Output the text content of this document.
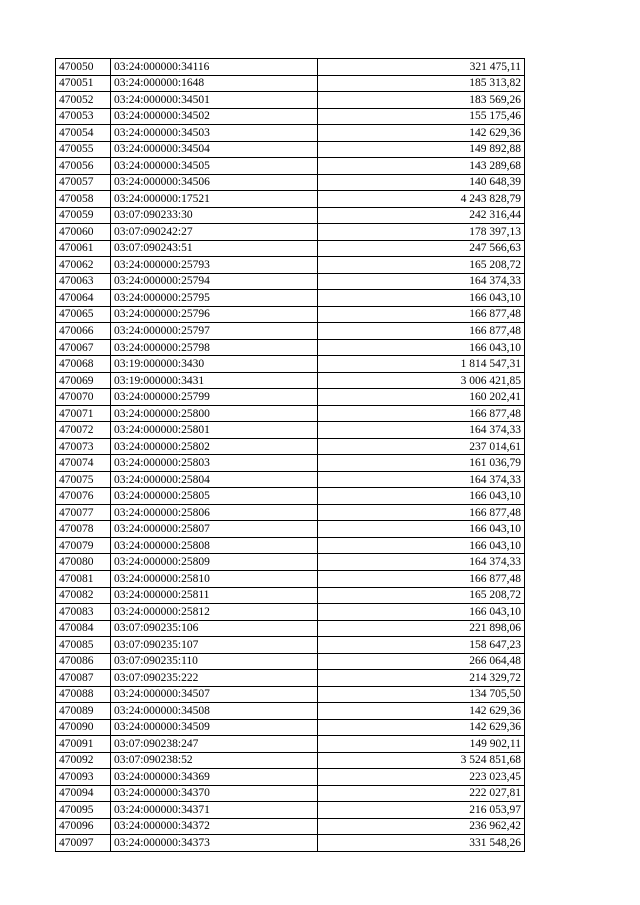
470050	03:24:000000:34116	321 475,11
470051	03:24:000000:1648	185 313,82
470052	03:24:000000:34501	183 569,26
470053	03:24:000000:34502	155 175,46
470054	03:24:000000:34503	142 629,36
470055	03:24:000000:34504	149 892,88
470056	03:24:000000:34505	143 289,68
470057	03:24:000000:34506	140 648,39
470058	03:24:000000:17521	4 243 828,79
470059	03:07:090233:30	242 316,44
470060	03:07:090242:27	178 397,13
470061	03:07:090243:51	247 566,63
470062	03:24:000000:25793	165 208,72
470063	03:24:000000:25794	164 374,33
470064	03:24:000000:25795	166 043,10
470065	03:24:000000:25796	166 877,48
470066	03:24:000000:25797	166 877,48
470067	03:24:000000:25798	166 043,10
470068	03:19:000000:3430	1 814 547,31
470069	03:19:000000:3431	3 006 421,85
470070	03:24:000000:25799	160 202,41
470071	03:24:000000:25800	166 877,48
470072	03:24:000000:25801	164 374,33
470073	03:24:000000:25802	237 014,61
470074	03:24:000000:25803	161 036,79
470075	03:24:000000:25804	164 374,33
470076	03:24:000000:25805	166 043,10
470077	03:24:000000:25806	166 877,48
470078	03:24:000000:25807	166 043,10
470079	03:24:000000:25808	166 043,10
470080	03:24:000000:25809	164 374,33
470081	03:24:000000:25810	166 877,48
470082	03:24:000000:25811	165 208,72
470083	03:24:000000:25812	166 043,10
470084	03:07:090235:106	221 898,06
470085	03:07:090235:107	158 647,23
470086	03:07:090235:110	266 064,48
470087	03:07:090235:222	214 329,72
470088	03:24:000000:34507	134 705,50
470089	03:24:000000:34508	142 629,36
470090	03:24:000000:34509	142 629,36
470091	03:07:090238:247	149 902,11
470092	03:07:090238:52	3 524 851,68
470093	03:24:000000:34369	223 023,45
470094	03:24:000000:34370	222 027,81
470095	03:24:000000:34371	216 053,97
470096	03:24:000000:34372	236 962,42
470097	03:24:000000:34373	331 548,26
